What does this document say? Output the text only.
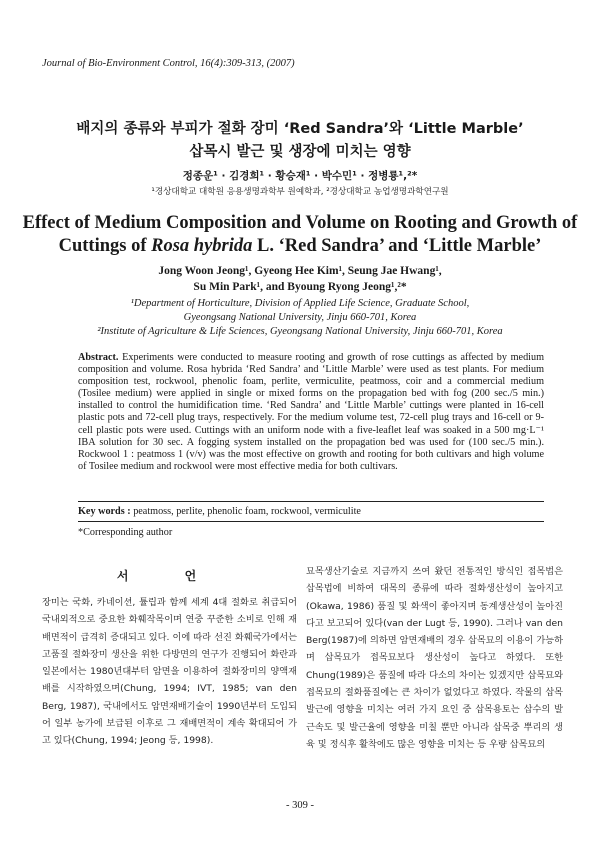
Journal of Bio-Environment Control, 16(4):309-313, (2007)
배지의 종류와 부피가 절화 장미 ‘Red Sandra’와 ‘Little Marble’
삽목시 발근 및 생장에 미치는 영향
정종운¹ · 김경희¹ · 황승재¹ · 박수민¹ · 정병룡¹,²*
¹경상대학교 대학원 응용생명과학부 원예학과, ²경상대학교 농업생명과학연구원
Effect of Medium Composition and Volume on Rooting and Growth of
Cuttings of Rosa hybrida L. ‘Red Sandra’ and ‘Little Marble’
Jong Woon Jeong¹, Gyeong Hee Kim¹, Seung Jae Hwang¹,
Su Min Park¹, and Byoung Ryong Jeong¹,²*
¹Department of Horticulture, Division of Applied Life Science, Graduate School,
Gyeongsang National University, Jinju 660-701, Korea
²Institute of Agriculture & Life Sciences, Gyeongsang National University, Jinju 660-701, Korea
Abstract. Experiments were conducted to measure rooting and growth of rose cuttings as affected by medium composition and volume. Rosa hybrida ‘Red Sandra’ and ‘Little Marble’ were used as test plants. For medium composition test, rockwool, phenolic foam, perlite, vermiculite, peatmoss, coir and a commercial medium (Tosilee medium) were applied in single or mixed forms on the propagation bed with fog (200 sec./5 min.) installed to control the humidification time. ‘Red Sandra’ and ‘Little Marble’ cuttings were planted in 16-cell plastic pots and 72-cell plug trays, respectively. For the medium volume test, 72-cell plug trays and 16-cell or 9-cell plastic pots were used. Cuttings with an uniform node with a five-leaflet leaf was soaked in a 500 mg·L⁻¹ IBA solution for 30 sec. A fogging system installed on the propagation bed was used for (100 sec./5 min.). Rockwool 1 : peatmoss 1 (v/v) was the most effective on growth and rooting for both cultivars and high volume of Tosilee medium and rockwool were most effective media for both cultivars.
Key words : peatmoss, perlite, phenolic foam, rockwool, vermiculite
*Corresponding author
서 언
장미는 국화, 카네이션, 튤립과 함께 세계 4대 절화로 취급되어 국내외적으로 중요한 화훼작목이며 연중 꾸준한 소비로 인해 재배면적이 급격히 증대되고 있다. 이에 따라 선진 화훼국가에서는 고품질 절화장미 생산을 위한 다방면의 연구가 진행되어 화란과 일본에서는 1980년대부터 암면을 이용하여 절화장미의 양액재배를 시작하였으며(Chung, 1994; IVT, 1985; van den Berg, 1987), 국내에서도 암면재배기술이 1990년부터 도입되어 일부 농가에 보급된 이후로 그 재배면적이 계속 확대되어 가고 있다(Chung, 1994; Jeong 등, 1998).
묘목생산기술로 지금까지 쓰여 왔던 전통적인 방식인 접목법은 삽목법에 비하여 대목의 종류에 따라 절화생산성이 높아지고(Okawa, 1986) 품질 및 화색이 좋아지며 동계생산성이 높아진다고 보고되어 있다(van der Lugt 등, 1990). 그러나 van den Berg(1987)에 의하면 암면재배의 경우 삽목묘의 이용이 가능하며 삽목묘가 접목묘보다 생산성이 높다고 하였다. 또한 Chung(1989)은 품질에 따라 다소의 차이는 있겠지만 삽목묘와 접목묘의 절화품질에는 큰 차이가 없었다고 하였다. 작물의 삽목 발근에 영향을 미치는 여러 가지 요인 중 삽목용토는 삽수의 발근속도 및 발근율에 영향을 미칠 뿐만 아니라 삽목중 뿌리의 생육 및 정식후 활착에도 많은 영향을 미치는 등 우량 삽목묘의
- 309 -
